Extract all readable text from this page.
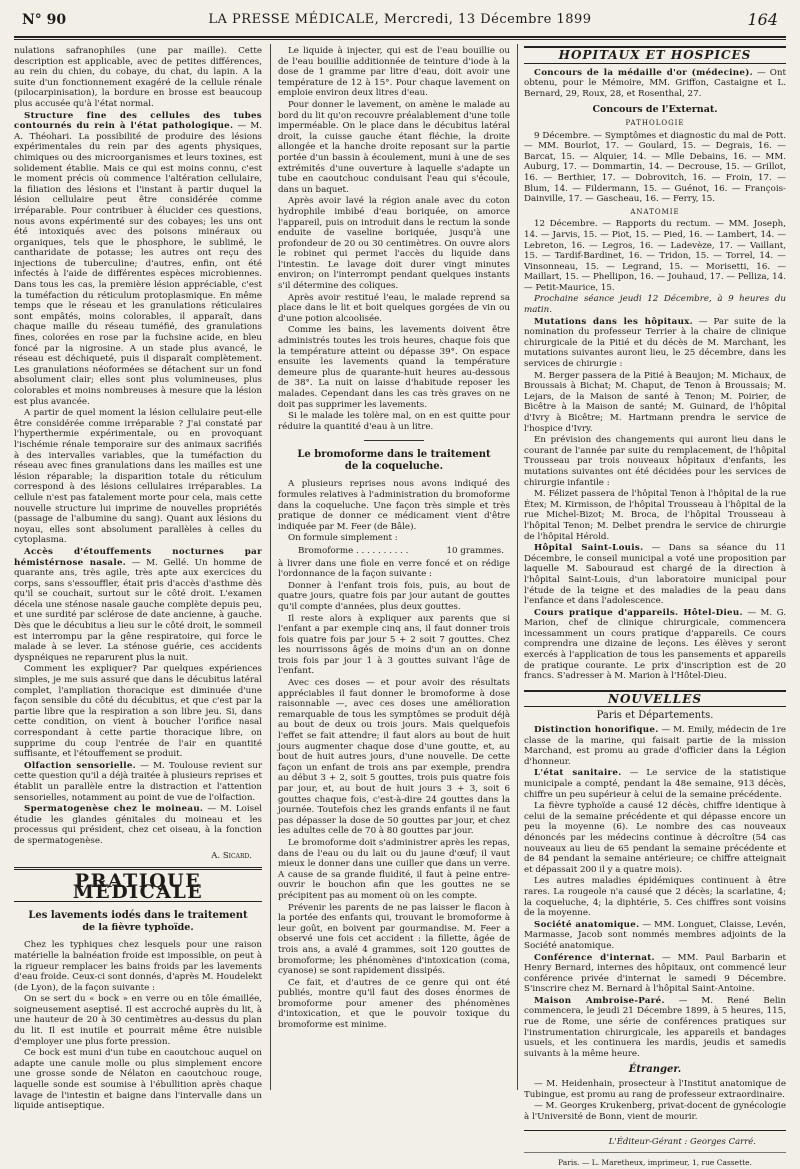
N° 90	LA PRESSE MÉDICALE, Mercredi, 13 Décembre 1899	164

nulations safranophiles (une par maille). Cette description est applicable, avec de petites différences, au rein du chien, du cobaye, du chat, du lapin. A la suite d'un fonctionnement exagéré de la cellule rénale (pilocarpinisation), la bordure en brosse est beaucoup plus accusée qu'à l'état normal.

Structure fine des cellules des tubes contournés du rein à l'état pathologique. — M. A. Théohari. La possibilité de produire des lésions expérimentales du rein par des agents physiques, chimiques ou des microorganismes et leurs toxines, est solidement établie. Mais ce qui est moins connu, c'est le moment précis où commence l'altération cellulaire, la filiation des lésions et l'instant à partir duquel la lésion cellulaire peut être considérée comme irréparable. Pour contribuer à élucider ces questions, nous avons expérimenté sur des cobayes; les uns ont été intoxiqués avec des poisons minéraux ou organiques, tels que le phosphore, le sublimé, le cantharidate de potasse; les autres ont reçu des injections de tuberculine; d'autres, enfin, ont été infectés à l'aide de différentes espèces microbiennes. Dans tous les cas, la première lésion appréciable, c'est la tuméfaction du réticulum protoplasmique. En même temps que le réseau et les granulations réticulaires sont empâtés, moins colorables, il apparaît, dans chaque maille du réseau tuméfié, des granulations fines, colorées en rose par la fuchsine acide, en bleu foncé par la nigrosine. A un stade plus avancé, le réseau est déchiqueté, puis il disparaît complètement. Les granulations néoformées se détachent sur un fond absolument clair; elles sont plus volumineuses, plus colorables et moins nombreuses à mesure que la lésion est plus avancée.

A partir de quel moment la lésion cellulaire peut-elle être considérée comme irréparable ? J'ai constaté par l'hyperthermie expérimentale, ou en provoquant l'ischémie rénale temporaire sur des animaux sacrifiés à des intervalles variables, que la tuméfaction du réseau avec fines granulations dans les mailles est une lésion réparable; la disparition totale du réticulum correspond à des lésions cellulaires irréparables. La cellule n'est pas fatalement morte pour cela, mais cette nouvelle structure lui imprime de nouvelles propriétés (passage de l'albumine du sang). Quant aux lésions du noyau, elles sont absolument parallèles à celles du cytoplasma.

Accès d'étouffements nocturnes par hémistérnose nasale. — M. Gellé. Un homme de quarante ans, très agile, très apte aux exercices du corps, sans s'essouffler, était pris d'accès d'asthme dès qu'il se couchait, surtout sur le côté droit. L'examen décela une sténose nasale gauche complète depuis peu, et une surdité par sclérose de date ancienne, à gauche. Dès que le décubitus a lieu sur le côté droit, le sommeil est interrompu par la gêne respiratoire, qui force le malade à se lever. La sténose guérie, ces accidents dyspnéiques ne reparurent plus la nuit.

Comment les expliquer? Par quelques expériences simples, je me suis assuré que dans le décubitus latéral complet, l'ampliation thoracique est diminuée d'une façon sensible du côté du décubitus, et que c'est par la partie libre que la respiration a son libre jeu. Si, dans cette condition, on vient à boucher l'orifice nasal correspondant à cette partie thoracique libre, on supprime du coup l'entrée de l'air en quantité suffisante, et l'étouffement se produit.

Olfaction sensorielle. — M. Toulouse revient sur cette question qu'il a déjà traitée à plusieurs reprises et établit un parallèle entre la distraction et l'attention sensorielles, notamment au point de vue de l'olfaction.

Spermatogenèse chez le moineau. — M. Loisel étudie les glandes génitales du moineau et les processus qui président, chez cet oiseau, à la fonction de spermatogenèse.

A. Sicard.
PRATIQUE MÉDICALE
Les lavements iodés dans le traitement
de la fièvre typhoïde.

Chez les typhiques chez lesquels pour une raison matérielle la balnéation froide est impossible, on peut à la rigueur remplacer les bains froids par les lavements d'eau froide. Ceux-ci sont donnés, d'après M. Houdelekt (de Lyon), de la façon suivante :

On se sert du « bock » en verre ou en tôle émaillée, soigneusement aseptisé. Il est accroché auprès du lit, à une hauteur de 20 à 30 centimètres au-dessus du plan du lit. Il est inutile et pourrait même être nuisible d'employer une plus forte pression.

Ce bock est muni d'un tube en caoutchouc auquel on adapte une canule molle ou plus simplement encore une grosse sonde de Nélaton en caoutchouc rouge, laquelle sonde est soumise à l'ébullition après chaque lavage de l'intestin et baigne dans l'intervalle dans un liquide antiseptique.

Le liquide à injecter, qui est de l'eau bouillie ou de l'eau bouillie additionnée de teinture d'iode à la dose de 1 gramme par litre d'eau, doit avoir une température de 12 à 15°. Pour chaque lavement on emploie environ deux litres d'eau.

Pour donner le lavement, on amène le malade au bord du lit qu'on recouvre préalablement d'une toile imperméable. On le place dans le décubitus latéral droit, la cuisse gauche étant fléchie, la droite allongée et la hanche droite reposant sur la partie portée d'un bassin à écoulement, muni à une de ses extrémités d'une ouverture à laquelle s'adapte un tube en caoutchouc conduisant l'eau qui s'écoule, dans un baquet.

Après avoir lavé la région anale avec du coton hydrophile imbibé d'eau boriquée, on amorce l'appareil, puis on introduit dans le rectum la sonde enduite de vaseline boriquée, jusqu'à une profondeur de 20 ou 30 centimètres. On ouvre alors le robinet qui permet l'accès du liquide dans l'intestin. Le lavage doit durer vingt minutes environ; on l'interrompt pendant quelques instants s'il détermine des coliques.

Après avoir restitué l'eau, le malade reprend sa place dans le lit et boit quelques gorgées de vin ou d'une potion alcoolisée.

Comme les bains, les lavements doivent être administrés toutes les trois heures, chaque fois que la température atteint ou dépasse 39°. On espace ensuite les lavements quand la température demeure plus de quarante-huit heures au-dessous de 38°. La nuit on laisse d'habitude reposer les malades. Cependant dans les cas très graves on ne doit pas supprimer les lavements.

Si le malade les tolère mal, on en est quitte pour réduire la quantité d'eau à un litre.

Le bromoforme dans le traitement
de la coqueluche.

A plusieurs reprises nous avons indiqué des formules relatives à l'administration du bromoforme dans la coqueluche. Une façon très simple et très pratique de donner ce médicament vient d'être indiquée par M. Feer (de Bâle).

On formule simplement :

Bromoforme . . . . . . . . . .	10 grammes.

à livrer dans une fiole en verre foncé et on rédige l'ordonnance de la façon suivante :

Donner à l'enfant trois fois, puis, au bout de quatre jours, quatre fois par jour autant de gouttes qu'il compte d'années, plus deux gouttes.

Il reste alors à expliquer aux parents que si l'enfant a par exemple cinq ans, il faut donner trois fois quatre fois par jour 5 + 2 soit 7 gouttes. Chez les nourrissons âgés de moins d'un an on donne trois fois par jour 1 à 3 gouttes suivant l'âge de l'enfant.

Avec ces doses — et pour avoir des résultats appréciables il faut donner le bromoforme à dose raisonnable —, avec ces doses une amélioration remarquable de tous les symptômes se produit déjà au bout de deux ou trois jours. Mais quelquefois l'effet se fait attendre; il faut alors au bout de huit jours augmenter chaque dose d'une goutte, et, au bout de huit autres jours, d'une nouvelle. De cette façon un enfant de trois ans par exemple, prendra au début 3 + 2, soit 5 gouttes, trois puis quatre fois par jour, et, au bout de huit jours 3 + 3, soit 6 gouttes chaque fois, c'est-à-dire 24 gouttes dans la journée. Toutefois chez les grands enfants il ne faut pas dépasser la dose de 50 gouttes par jour, et chez les adultes celle de 70 à 80 gouttes par jour.

Le bromoforme doit s'administrer après les repas, dans de l'eau ou du lait ou du jaune d'œuf; il vaut mieux le donner dans une cuiller que dans un verre. A cause de sa grande fluidité, il faut à peine entre-ouvrir le bouchon afin que les gouttes ne se précipitent pas au moment où on les compte.

Prévenir les parents de ne pas laisser le flacon à la portée des enfants qui, trouvant le bromoforme à leur goût, en boivent par gourmandise. M. Feer a observé une fois cet accident : la fillette, âgée de trois ans, a avalé 4 grammes, soit 120 gouttes de bromoforme; les phénomènes d'intoxication (coma, cyanose) se sont rapidement dissipés.

Ce fait, et d'autres de ce genre qui ont été publiés, montre qu'il faut des doses énormes de bromoforme pour amener des phénomènes d'intoxication, et que le pouvoir toxique du bromoforme est minime.

HOPITAUX ET HOSPICES

Concours de la médaille d'or (médecine). — Ont obtenu, pour le Mémoire, MM. Griffon, Castaigne et L. Bernard, 29, Roux, 28, et Rosenthal, 27.

Concours de l'Externat.
PATHOLOGIE

9 Décembre. — Symptômes et diagnostic du mal de Pott. — MM. Bourlot, 17. — Goulard, 15. — Degrais, 16. — Barcat, 15. — Alquier, 14. — Mlle Debains, 16. — MM. Auburg, 17. — Dommartin, 14. — Decrouse, 15. — Grillot, 16. — Berthier, 17. — Dobrovitch, 16. — Froin, 17. — Blum, 14. — Fildermann, 15. — Guénot, 16. — François-Dainville, 17. — Gascheau, 16. — Ferry, 15.

ANATOMIE

12 Décembre. — Rapports du rectum. — MM. Joseph, 14. — Jarvis, 15. — Piot, 15. — Pied, 16. — Lambert, 14. — Lebreton, 16. — Legros, 16. — Ladevèze, 17. — Vaillant, 15. — Tardif-Bardinet, 16. — Tridon, 15. — Torrel, 14. — Vinsonneau, 15. — Legrand, 15. — Morisetti, 16. — Maillart, 15. — Phellipon, 16. — Jouhaud, 17. — Pelliza, 14. — Petit-Maurice, 15.

Prochaine séance jeudi 12 Décembre, à 9 heures du matin.

Mutations dans les hôpitaux. — Par suite de la nomination du professeur Terrier à la chaire de clinique chirurgicale de la Pitié et du décès de M. Marchant, les mutations suivantes auront lieu, le 25 décembre, dans les services de chirurgie :

M. Berger passera de la Pitié à Beaujon; M. Michaux, de Broussais à Bichat; M. Chaput, de Tenon à Broussais; M. Lejars, de la Maison de santé à Tenon; M. Poirier, de Bicêtre à la Maison de santé; M. Guinard, de l'hôpital d'Ivry à Bicêtre; M. Hartmann prendra le service de l'hospice d'Ivry.

En prévision des changements qui auront lieu dans le courant de l'année par suite du remplacement, de l'hôpital Trousseau par trois nouveaux hôpitaux d'enfants, les mutations suivantes ont été décidées pour les services de chirurgie infantile :

M. Félizet passera de l'hôpital Tenon à l'hôpital de la rue Étex; M. Kirmisson, de l'hôpital Trousseau à l'hôpital de la rue Michel-Bizot; M. Broca, de l'hôpital Trousseau à l'hôpital Tenon; M. Delbet prendra le service de chirurgie de l'hôpital Hérold.

Hôpital Saint-Louis. — Dans sa séance du 11 Décembre, le conseil municipal a voté une proposition par laquelle M. Sabouraud est chargé de la direction à l'hôpital Saint-Louis, d'un laboratoire municipal pour l'étude de la teigne et des maladies de la peau dans l'enfance et dans l'adolescence.

Cours pratique d'appareils. Hôtel-Dieu. — M. G. Marion, chef de clinique chirurgicale, commencera incessamment un cours pratique d'appareils. Ce cours comprendra une dizaine de leçons. Les élèves y seront exercés à l'application de tous les pansements et appareils de pratique courante. Le prix d'inscription est de 20 francs. S'adresser à M. Marion à l'Hôtel-Dieu.

NOUVELLES
Paris et Départements.

Distinction honorifique. — M. Emily, médecin de 1re classe de la marine, qui faisait partie de la mission Marchand, est promu au grade d'officier dans la Légion d'honneur.

L'état sanitaire. — Le service de la statistique municipale a compté, pendant la 48e semaine, 913 décès, chiffre un peu supérieur à celui de la semaine précédente.

La fièvre typhoïde a causé 12 décès, chiffre identique à celui de la semaine précédente et qui dépasse encore un peu la moyenne (6). Le nombre des cas nouveaux dénoncés par les médecins continue à décroître (54 cas nouveaux au lieu de 65 pendant la semaine précédente et de 84 pendant la semaine antérieure; ce chiffre atteignait et dépassait 200 il y a quatre mois).

Les autres maladies épidémiques continuent à être rares. La rougeole n'a causé que 2 décès; la scarlatine, 4; la coqueluche, 4; la diphtérie, 5. Ces chiffres sont voisins de la moyenne.

Société anatomique. — MM. Longuet, Claisse, Levén, Marmasse, Jacob sont nommés membres adjoints de la Société anatomique.

Conférence d'internat. — MM. Paul Barbarin et Henry Bernard, internes des hôpitaux, ont commencé leur conférence privée d'internat le samedi 9 Décembre. S'inscrire chez M. Bernard à l'hôpital Saint-Antoine.

Maison Ambroise-Paré. — M. René Belin commencera, le jeudi 21 Décembre 1899, à 5 heures, 115, rue de Rome, une série de conférences pratiques sur l'instrumentation chirurgicale, les appareils et bandages usuels, et les continuera les mardis, jeudis et samedis suivants à la même heure.

Étranger.

— M. Heidenhain, prosecteur à l'Institut anatomique de Tubingue, est promu au rang de professeur extraordinaire.

— M. Georges Krukenberg, privat-docent de gynécologie à l'Université de Bonn, vient de mourir.

L'Éditeur-Gérant : Georges Carré.
Paris. — L. Maretheux, imprimeur, 1, rue Cassette.
